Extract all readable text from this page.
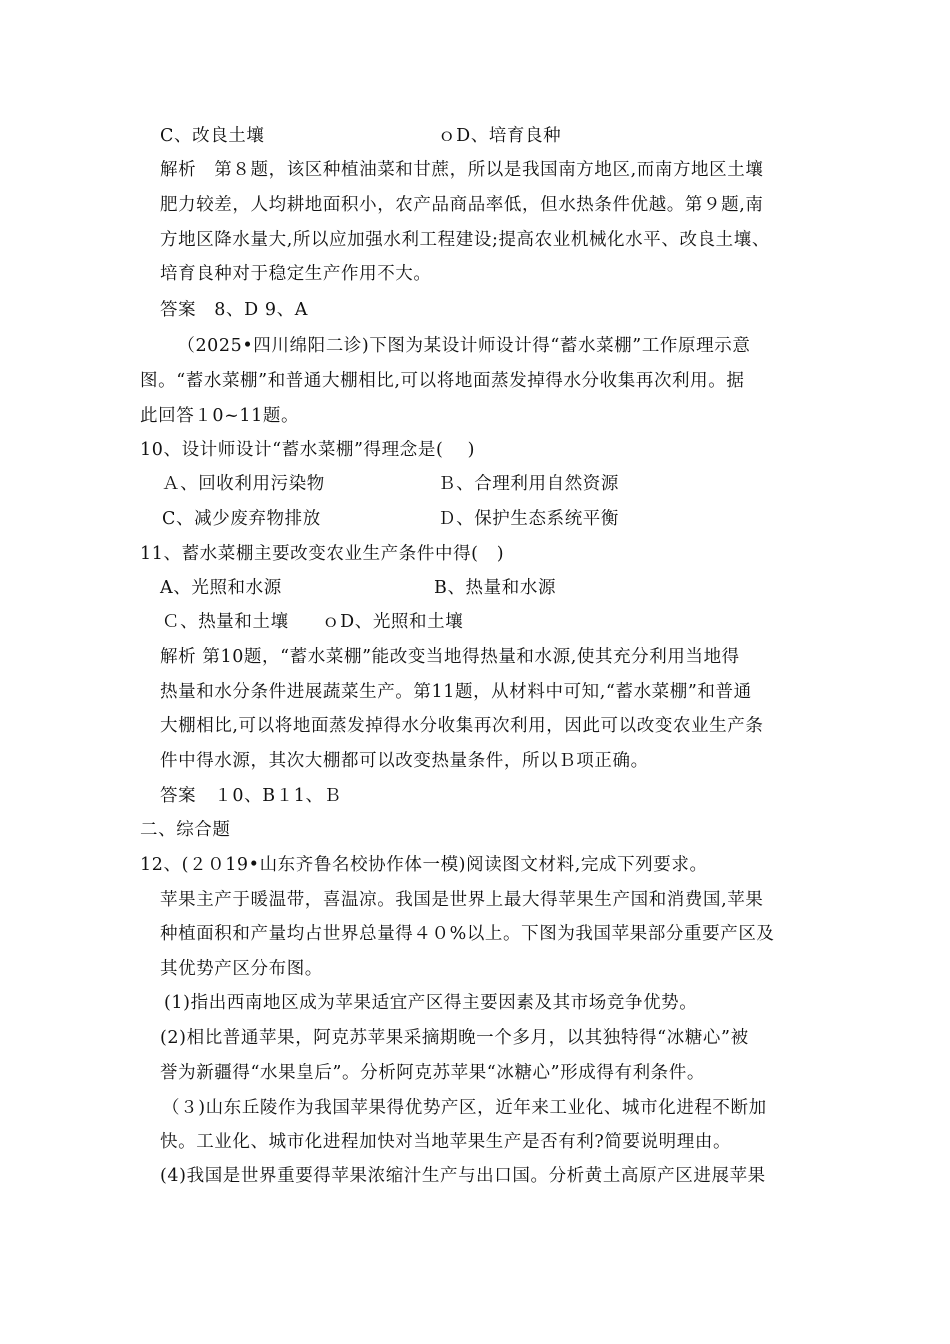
C、改良土壤	ｏD、培育良种
解析　第８题，该区种植油菜和甘蔗，所以是我国南方地区,而南方地区土壤
肥力较差，人均耕地面积小，农产品商品率低，但水热条件优越。第９题,南
方地区降水量大,所以应加强水利工程建设;提高农业机械化水平、改良土壤、
培育良种对于稳定生产作用不大。
答案　8、D 9、A
　（2025•四川绵阳二诊)下图为某设计师设计得“蓄水菜棚”工作原理示意
图。“蓄水菜棚”和普通大棚相比,可以将地面蒸发掉得水分收集再次利用。据
此回答１0~11题。
10、设计师设计“蓄水菜棚”得理念是(　 )
Ａ、回收利用污染物	Ｂ、合理利用自然资源
C、减少废弃物排放	Ｄ、保护生态系统平衡
11、蓄水菜棚主要改变农业生产条件中得(　)
A、光照和水源	B、热量和水源
Ｃ、热量和土壤 ｏD、光照和土壤
解析 第10题，“蓄水菜棚”能改变当地得热量和水源,使其充分利用当地得
热量和水分条件进展蔬菜生产。第11题，从材料中可知,“蓄水菜棚”和普通
大棚相比,可以将地面蒸发掉得水分收集再次利用，因此可以改变农业生产条
件中得水源，其次大棚都可以改变热量条件，所以Ｂ项正确。
答案　１0、B１1、Ｂ
二、综合题
12、(２０19•山东齐鲁名校协作体一模)阅读图文材料,完成下列要求。
苹果主产于暖温带，喜温凉。我国是世界上最大得苹果生产国和消费国,苹果
种植面积和产量均占世界总量得４０%以上。下图为我国苹果部分重要产区及
其优势产区分布图。
(1)指出西南地区成为苹果适宜产区得主要因素及其市场竞争优势。
(2)相比普通苹果，阿克苏苹果采摘期晚一个多月，以其独特得“冰糖心”被
誉为新疆得“水果皇后”。分析阿克苏苹果“冰糖心”形成得有利条件。
（３)山东丘陵作为我国苹果得优势产区，近年来工业化、城市化进程不断加
快。工业化、城市化进程加快对当地苹果生产是否有利?简要说明理由。
(4)我国是世界重要得苹果浓缩汁生产与出口国。分析黄土高原产区进展苹果
